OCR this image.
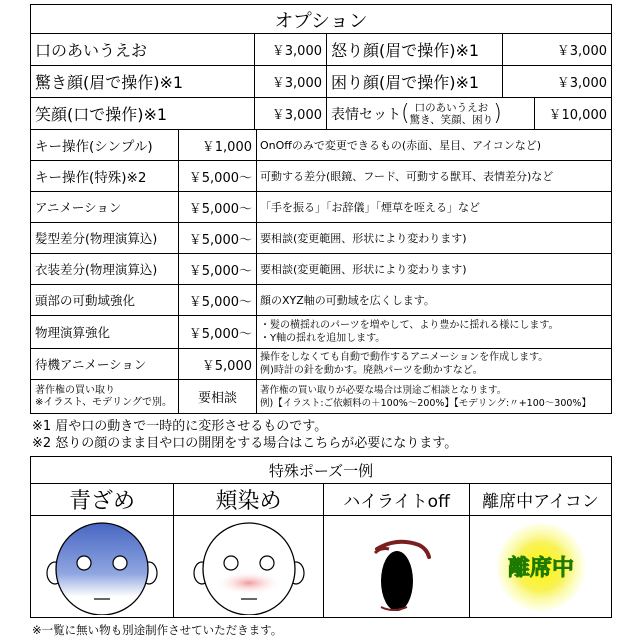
オプション
口のあいうえお	￥3,000 怒り顔(眉で操作)※1	￥3,000
驚き顔(眉で操作)※1	￥3,000 困り顔(眉で操作)※1	￥3,000
笑顔(口で操作)※1	￥3,000 表情セット ( 口のあいうえお
驚き、笑顔、困り )	￥10,000
キー操作(シンプル)	￥1,000 OnOffのみで変更できるもの(赤面、星目、アイコンなど)
キー操作(特殊)※2	￥5,000〜 可動する差分(眼鏡、フード、可動する獣耳、表情差分)など
アニメーション	￥5,000〜 「手を振る」「お辞儀」「煙草を咥える」など
髪型差分(物理演算込)	￥5,000〜 要相談(変更範囲、形状により変わります)
衣装差分(物理演算込)	￥5,000〜 要相談(変更範囲、形状により変わります)
頭部の可動域強化	￥5,000〜 顔のXYZ軸の可動域を広くします。
物理演算強化	￥5,000〜
・髪の横揺れのパーツを増やして、より豊かに揺れる様にします。
・Y軸の揺れを追加します。
待機アニメーション	￥5,000
操作をしなくても自動で動作するアニメーションを作成します。
例)時計の針を動かす。廃熱パーツを動かすなど。
著作権の買い取り
※イラスト、モデリングで別。	要相談
著作権の買い取りが必要な場合は別途ご相談となります。
例)【イラスト:ご依頼料の＋100%〜200%】【モデリング:〃+100〜300%】
※1 眉や口の動きで一時的に変形させるものです。
※2 怒りの顔のまま目や口の開閉をする場合はこちらが必要になります。
特殊ポーズ一例
青ざめ	頬染め	ハイライトoff 離席中アイコン
離席中
※一覧に無い物も別途制作させていただきます。
